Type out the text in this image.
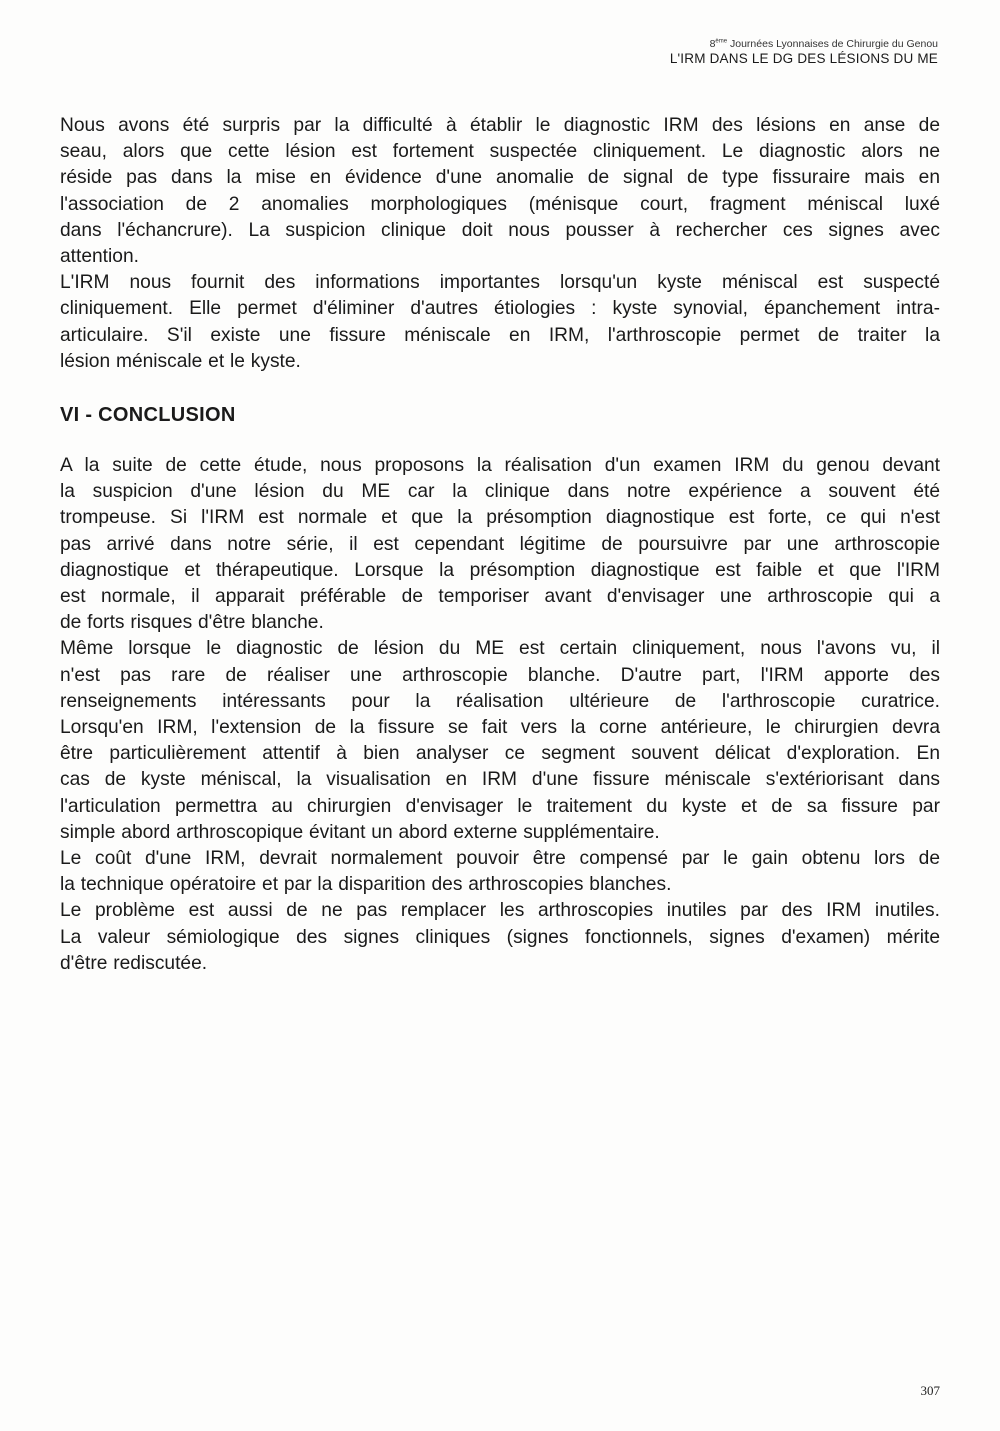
8ème Journées Lyonnaises de Chirurgie du Genou
L'IRM DANS LE DG DES LÉSIONS DU ME

Nous avons été surpris par la difficulté à établir le diagnostic IRM des lésions en anse de
seau, alors que cette lésion est fortement suspectée cliniquement. Le diagnostic alors ne
réside pas dans la mise en évidence d'une anomalie de signal de type fissuraire mais en
l'association de 2 anomalies morphologiques (ménisque court, fragment méniscal luxé
dans l'échancrure). La suspicion clinique doit nous pousser à rechercher ces signes avec
attention.

L'IRM nous fournit des informations importantes lorsqu'un kyste méniscal est suspecté
cliniquement. Elle permet d'éliminer d'autres étiologies : kyste synovial, épanchement intra-
articulaire. S'il existe une fissure méniscale en IRM, l'arthroscopie permet de traiter la
lésion méniscale et le kyste.

VI - CONCLUSION

A la suite de cette étude, nous proposons la réalisation d'un examen IRM du genou devant
la suspicion d'une lésion du ME car la clinique dans notre expérience a souvent été
trompeuse. Si l'IRM est normale et que la présomption diagnostique est forte, ce qui n'est
pas arrivé dans notre série, il est cependant légitime de poursuivre par une arthroscopie
diagnostique et thérapeutique. Lorsque la présomption diagnostique est faible et que l'IRM
est normale, il apparait préférable de temporiser avant d'envisager une arthroscopie qui a
de forts risques d'être blanche.

Même lorsque le diagnostic de lésion du ME est certain cliniquement, nous l'avons vu, il
n'est pas rare de réaliser une arthroscopie blanche. D'autre part, l'IRM apporte des
renseignements intéressants pour la réalisation ultérieure de l'arthroscopie curatrice.
Lorsqu'en IRM, l'extension de la fissure se fait vers la corne antérieure, le chirurgien devra
être particulièrement attentif à bien analyser ce segment souvent délicat d'exploration. En
cas de kyste méniscal, la visualisation en IRM d'une fissure méniscale s'extériorisant dans
l'articulation permettra au chirurgien d'envisager le traitement du kyste et de sa fissure par
simple abord arthroscopique évitant un abord externe supplémentaire.

Le coût d'une IRM, devrait normalement pouvoir être compensé par le gain obtenu lors de
la technique opératoire et par la disparition des arthroscopies blanches.

Le problème est aussi de ne pas remplacer les arthroscopies inutiles par des IRM inutiles.
La valeur sémiologique des signes cliniques (signes fonctionnels, signes d'examen) mérite
d'être rediscutée.

307
